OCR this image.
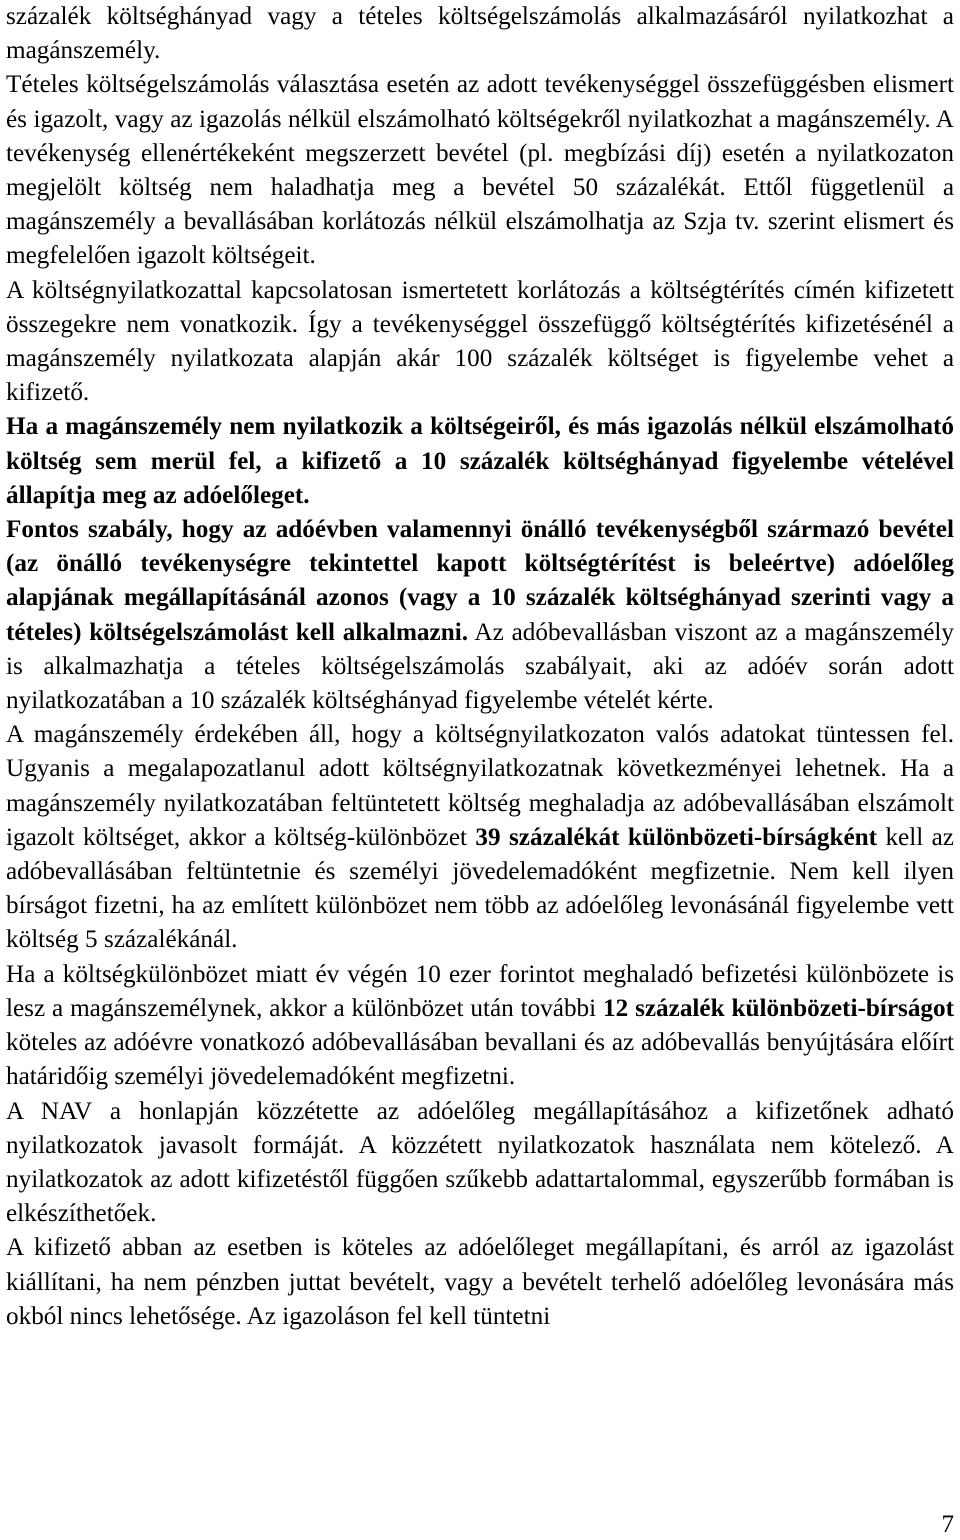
százalék költséghányad vagy a tételes költségelszámolás alkalmazásáról nyilatkozhat a magánszemély.

Tételes költségelszámolás választása esetén az adott tevékenységgel összefüggésben elismert és igazolt, vagy az igazolás nélkül elszámolható költségekről nyilatkozhat a magánszemély. A tevékenység ellenértékeként megszerzett bevétel (pl. megbízási díj) esetén a nyilatkozaton megjelölt költség nem haladhatja meg a bevétel 50 százalékát. Ettől függetlenül a magánszemély a bevallásában korlátozás nélkül elszámolhatja az Szja tv. szerint elismert és megfelelően igazolt költségeit.

A költségnyilatkozattal kapcsolatosan ismertetett korlátozás a költségtérítés címén kifizetett összegekre nem vonatkozik. Így a tevékenységgel összefüggő költségtérítés kifizetésénél a magánszemély nyilatkozata alapján akár 100 százalék költséget is figyelembe vehet a kifizető.

Ha a magánszemély nem nyilatkozik a költségeiről, és más igazolás nélkül elszámolható költség sem merül fel, a kifizető a 10 százalék költséghányad figyelembe vételével állapítja meg az adóelőleget.

Fontos szabály, hogy az adóévben valamennyi önálló tevékenységből származó bevétel (az önálló tevékenységre tekintettel kapott költségtérítést is beleértve) adóelőleg alapjának megállapításánál azonos (vagy a 10 százalék költséghányad szerinti vagy a tételes) költségelszámolást kell alkalmazni. Az adóbevallásban viszont az a magánszemély is alkalmazhatja a tételes költségelszámolás szabályait, aki az adóév során adott nyilatkozatában a 10 százalék költséghányad figyelembe vételét kérte.

A magánszemély érdekében áll, hogy a költségnyilatkozaton valós adatokat tüntessen fel. Ugyanis a megalapozatlanul adott költségnyilatkozatnak következményei lehetnek. Ha a magánszemély nyilatkozatában feltüntetett költség meghaladja az adóbevallásában elszámolt igazolt költséget, akkor a költség-különbözet 39 százalékát különbözeti-bírságként kell az adóbevallásában feltüntetnie és személyi jövedelemadóként megfizetnie. Nem kell ilyen bírságot fizetni, ha az említett különbözet nem több az adóelőleg levonásánál figyelembe vett költség 5 százalékánál.

Ha a költségkülönbözet miatt év végén 10 ezer forintot meghaladó befizetési különbözete is lesz a magánszemélynek, akkor a különbözet után további 12 százalék különbözeti-bírságot köteles az adóévre vonatkozó adóbevallásában bevallani és az adóbevallás benyújtására előírt határidőig személyi jövedelemadóként megfizetni.

A NAV a honlapján közzétette az adóelőleg megállapításához a kifizetőnek adható nyilatkozatok javasolt formáját. A közzétett nyilatkozatok használata nem kötelező. A nyilatkozatok az adott kifizetéstől függően szűkebb adattartalommal, egyszerűbb formában is elkészíthetőek.

A kifizető abban az esetben is köteles az adóelőleget megállapítani, és arról az igazolást kiállítani, ha nem pénzben juttat bevételt, vagy a bevételt terhelő adóelőleg levonására más okból nincs lehetősége. Az igazoláson fel kell tüntetni

7
